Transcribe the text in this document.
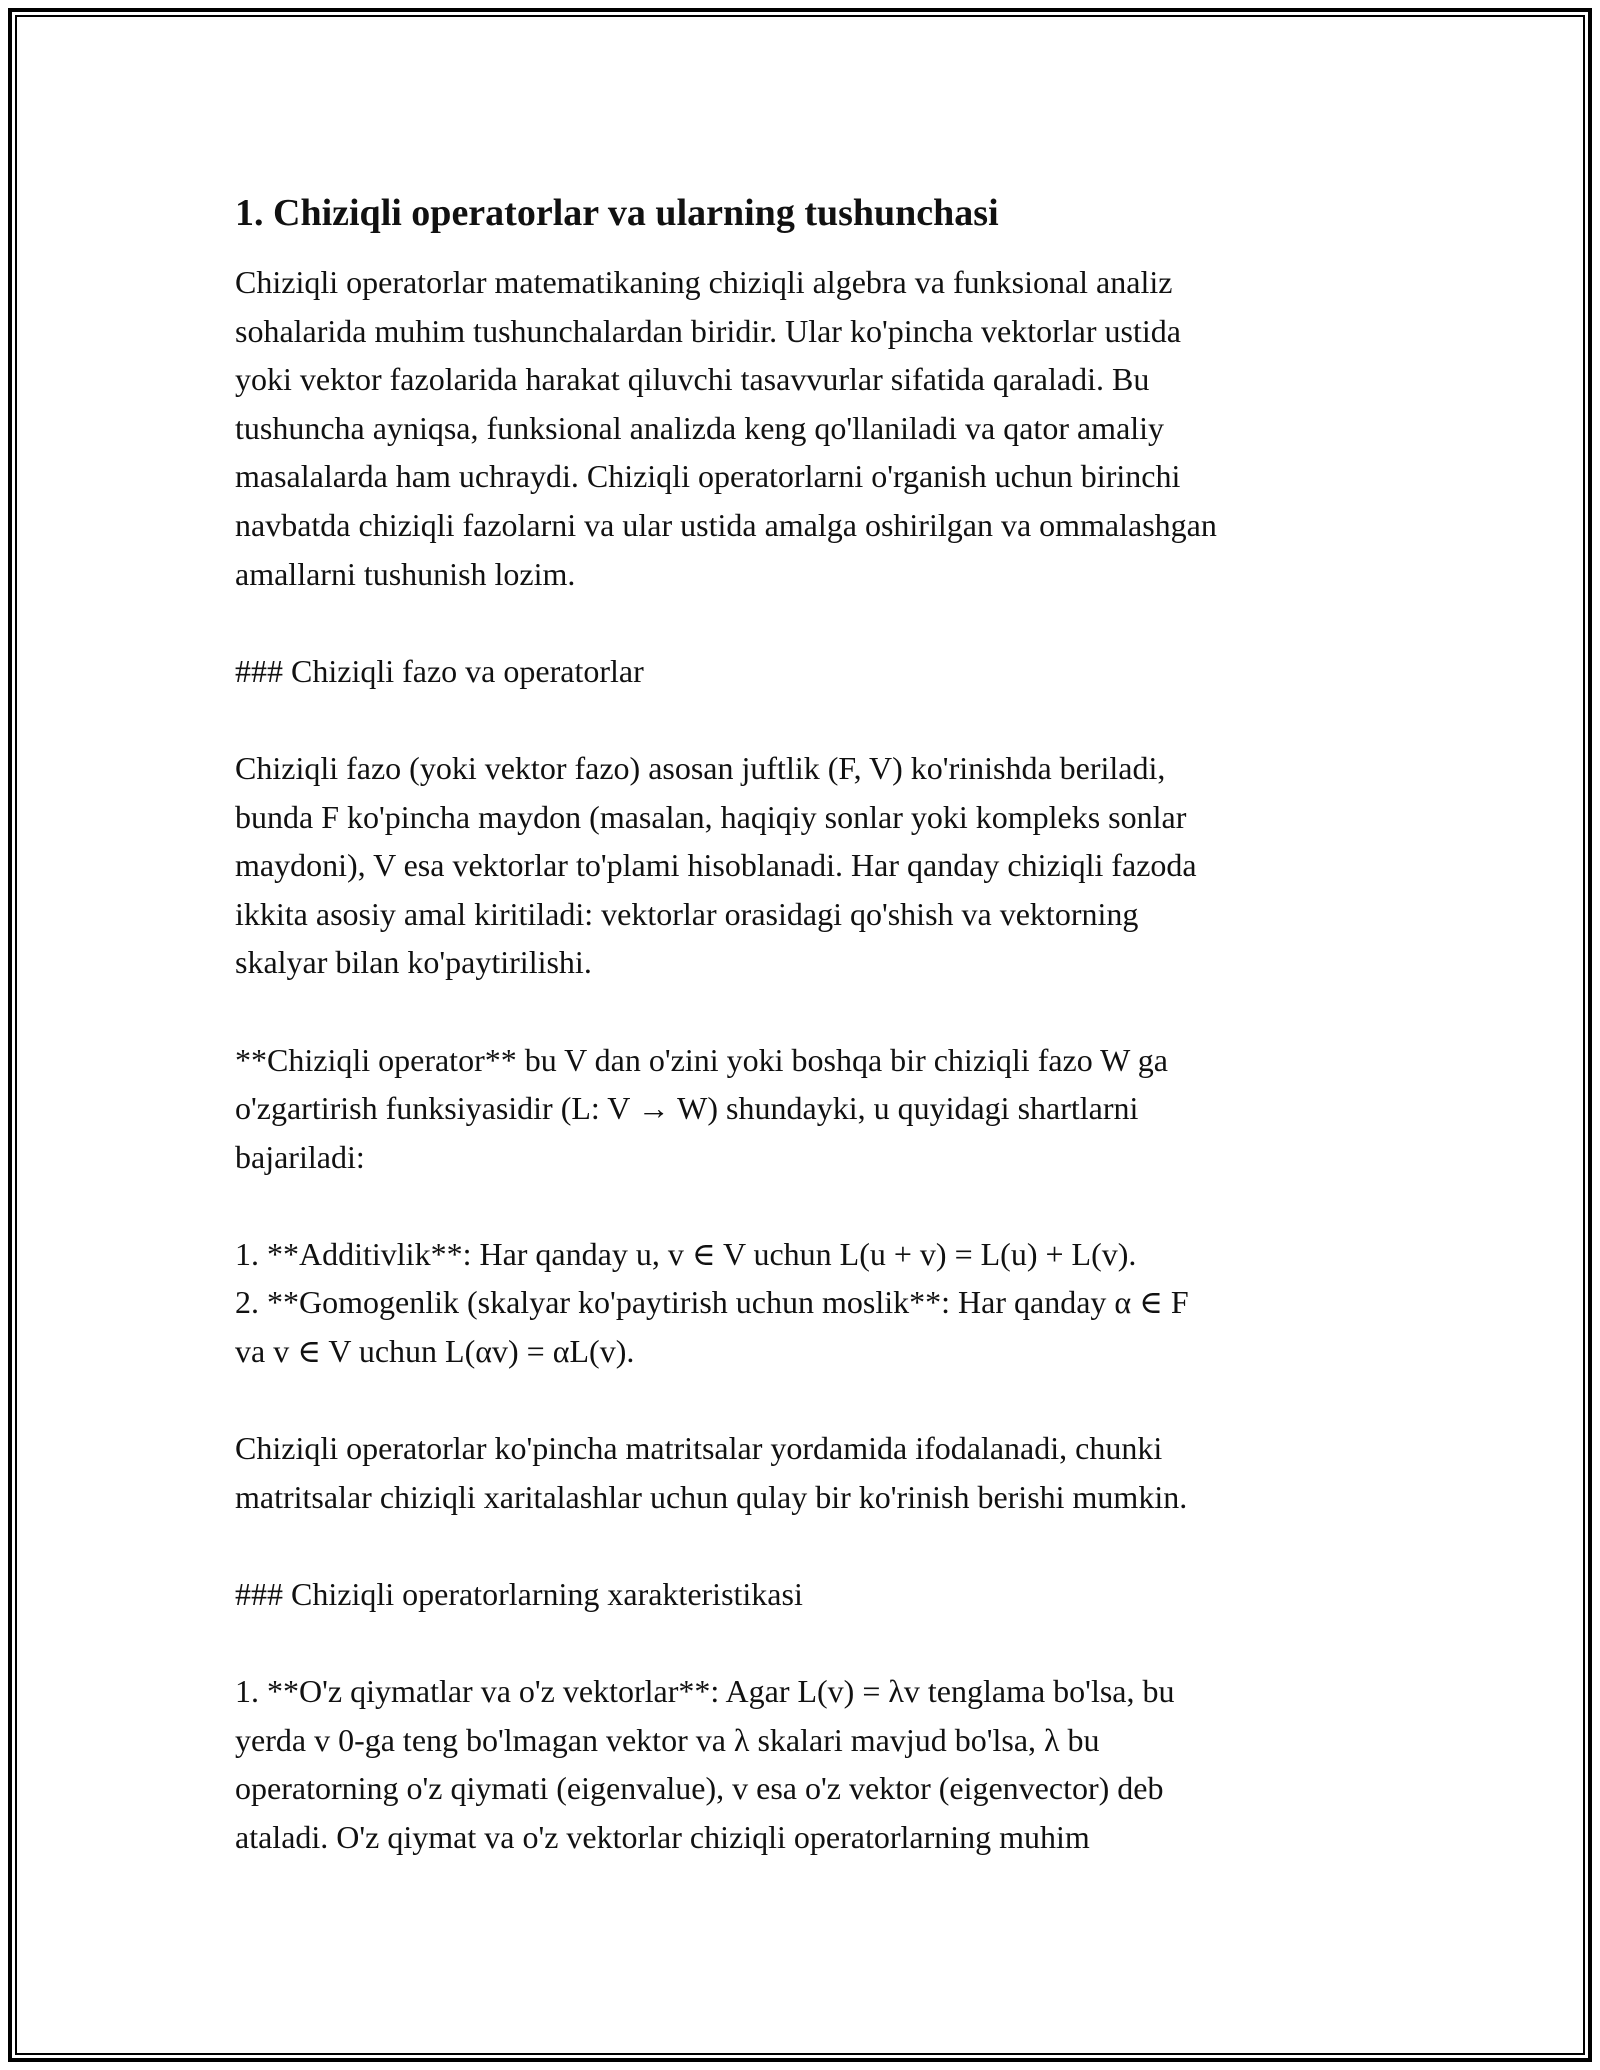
1. Chiziqli operatorlar va ularning tushunchasi

Chiziqli operatorlar matematikaning chiziqli algebra va funksional analiz
sohalarida muhim tushunchalardan biridir. Ular ko'pincha vektorlar ustida
yoki vektor fazolarida harakat qiluvchi tasavvurlar sifatida qaraladi. Bu
tushuncha ayniqsa, funksional analizda keng qo'llaniladi va qator amaliy
masalalarda ham uchraydi. Chiziqli operatorlarni o'rganish uchun birinchi
navbatda chiziqli fazolarni va ular ustida amalga oshirilgan va ommalashgan
amallarni tushunish lozim.

### Chiziqli fazo va operatorlar

Chiziqli fazo (yoki vektor fazo) asosan juftlik (F, V) ko'rinishda beriladi,
bunda F ko'pincha maydon (masalan, haqiqiy sonlar yoki kompleks sonlar
maydoni), V esa vektorlar to'plami hisoblanadi. Har qanday chiziqli fazoda
ikkita asosiy amal kiritiladi: vektorlar orasidagi qo'shish va vektorning
skalyar bilan ko'paytirilishi.

**Chiziqli operator** bu V dan o'zini yoki boshqa bir chiziqli fazo W ga
o'zgartirish funksiyasidir (L: V → W) shundayki, u quyidagi shartlarni
bajariladi:

1. **Additivlik**: Har qanday u, v ∈ V uchun L(u + v) = L(u) + L(v).
2. **Gomogenlik (skalyar ko'paytirish uchun moslik**: Har qanday α ∈ F
va v ∈ V uchun L(αv) = αL(v).

Chiziqli operatorlar ko'pincha matritsalar yordamida ifodalanadi, chunki
matritsalar chiziqli xaritalashlar uchun qulay bir ko'rinish berishi mumkin.

### Chiziqli operatorlarning xarakteristikasi

1. **O'z qiymatlar va o'z vektorlar**: Agar L(v) = λv tenglama bo'lsa, bu
yerda v 0-ga teng bo'lmagan vektor va λ skalari mavjud bo'lsa, λ bu
operatorning o'z qiymati (eigenvalue), v esa o'z vektor (eigenvector) deb
ataladi. O'z qiymat va o'z vektorlar chiziqli operatorlarning muhim
